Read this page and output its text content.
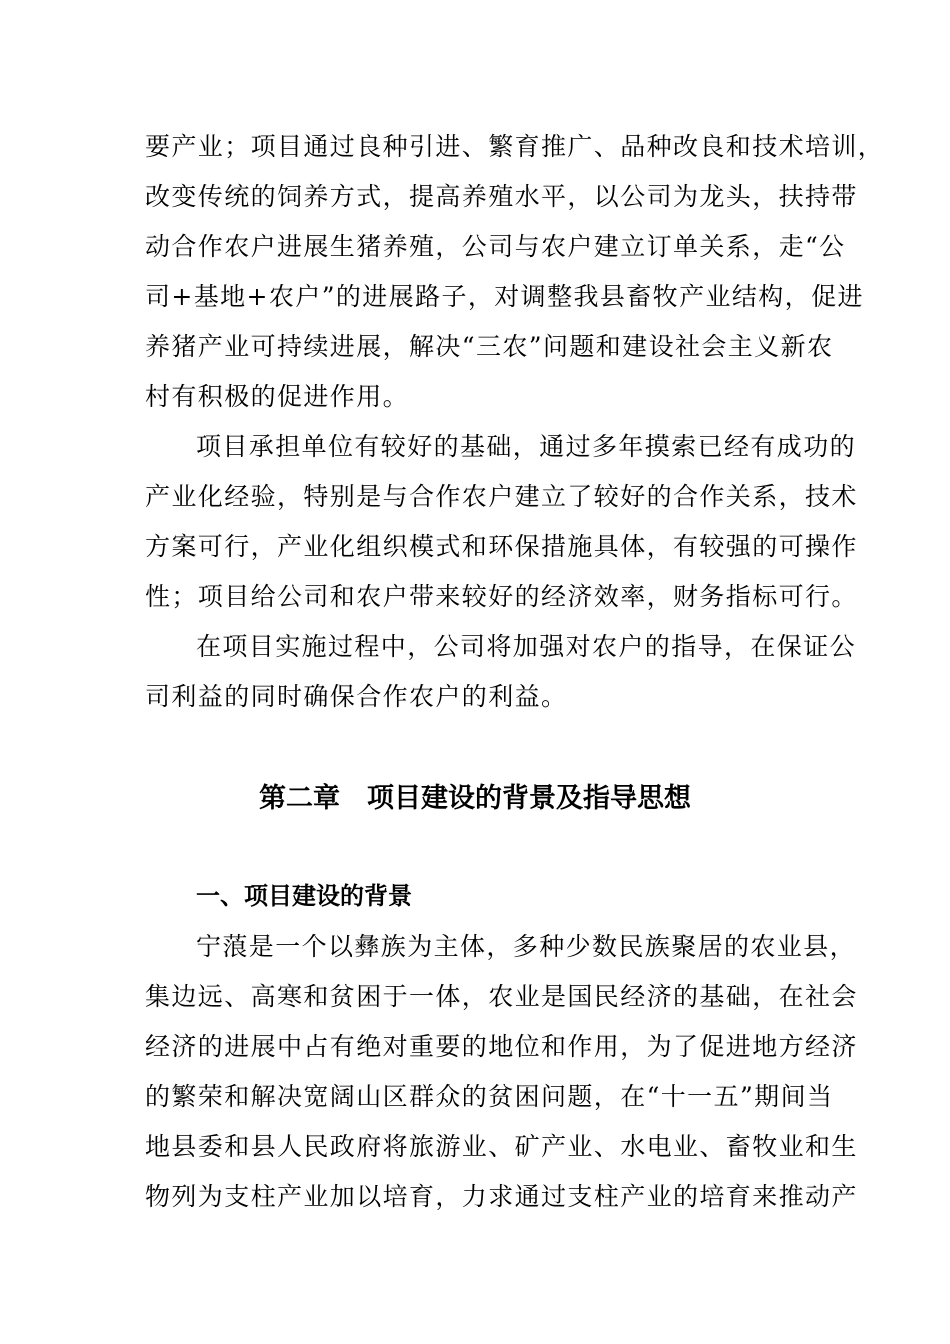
要产业；项目通过良种引进、繁育推广、品种改良和技术培训，
改变传统的饲养方式，提高养殖水平，以公司为龙头，扶持带
动合作农户进展生猪养殖，公司与农户建立订单关系，走“公
司+基地+农户”的进展路子，对调整我县畜牧产业结构，促进
养猪产业可持续进展，解决“三农”问题和建设社会主义新农
村有积极的促进作用。
项目承担单位有较好的基础，通过多年摸索已经有成功的
产业化经验，特别是与合作农户建立了较好的合作关系，技术
方案可行，产业化组织模式和环保措施具体，有较强的可操作
性；项目给公司和农户带来较好的经济效率，财务指标可行。
在项目实施过程中，公司将加强对农户的指导，在保证公
司利益的同时确保合作农户的利益。
第二章　项目建设的背景及指导思想
一、项目建设的背景
宁蒗是一个以彝族为主体，多种少数民族聚居的农业县，
集边远、高寒和贫困于一体，农业是国民经济的基础，在社会
经济的进展中占有绝对重要的地位和作用，为了促进地方经济
的繁荣和解决宽阔山区群众的贫困问题，在“十一五”期间当
地县委和县人民政府将旅游业、矿产业、水电业、畜牧业和生
物列为支柱产业加以培育，力求通过支柱产业的培育来推动产
